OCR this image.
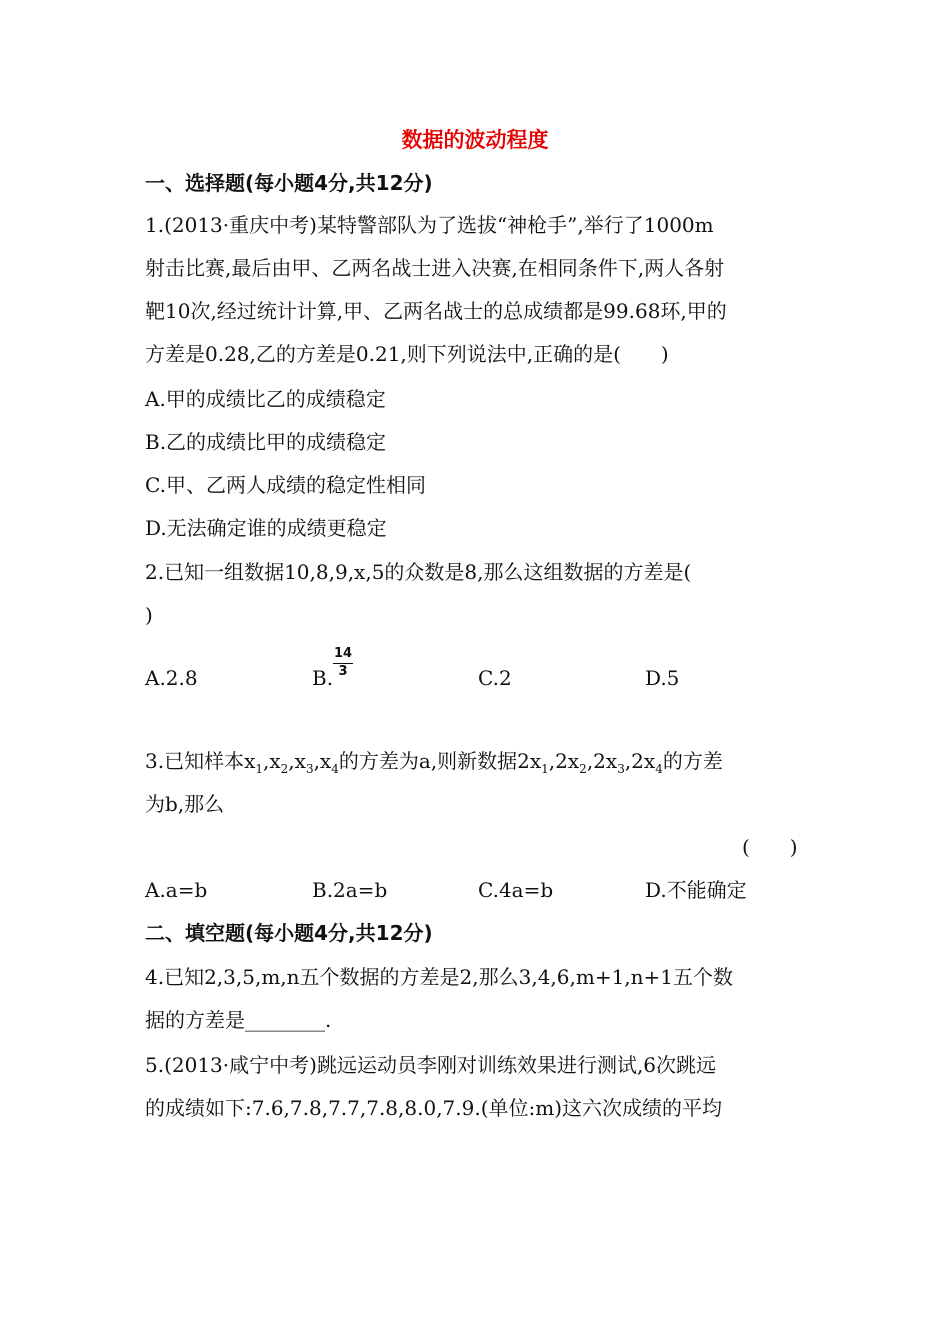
数据的波动程度
一、选择题(每小题4分,共12分)
1.(2013·重庆中考)某特警部队为了选拔“神枪手”,举行了1000m
射击比赛,最后由甲、乙两名战士进入决赛,在相同条件下,两人各射
靶10次,经过统计计算,甲、乙两名战士的总成绩都是99.68环,甲的
方差是0.28,乙的方差是0.21,则下列说法中,正确的是(　　)
A.甲的成绩比乙的成绩稳定
B.乙的成绩比甲的成绩稳定
C.甲、乙两人成绩的稳定性相同
D.无法确定谁的成绩更稳定
2.已知一组数据10,8,9,x,5的众数是8,那么这组数据的方差是(
)
A.2.8	B. $\frac{14}{3}$	C.2	D.5
3.已知样本$x_1,x_2,x_3,x_4$的方差为a,则新数据$2x_1,2x_2,2x_3,2x_4$的方差
为b,那么
(　　)
A.a=b	B.2a=b	C.4a=b	D.不能确定
二、填空题(每小题4分,共12分)
4.已知2,3,5,m,n五个数据的方差是2,那么3,4,6,m+1,n+1五个数
据的方差是________.
5.(2013·咸宁中考)跳远运动员李刚对训练效果进行测试,6次跳远
的成绩如下:7.6,7.8,7.7,7.8,8.0,7.9.(单位:m)这六次成绩的平均
